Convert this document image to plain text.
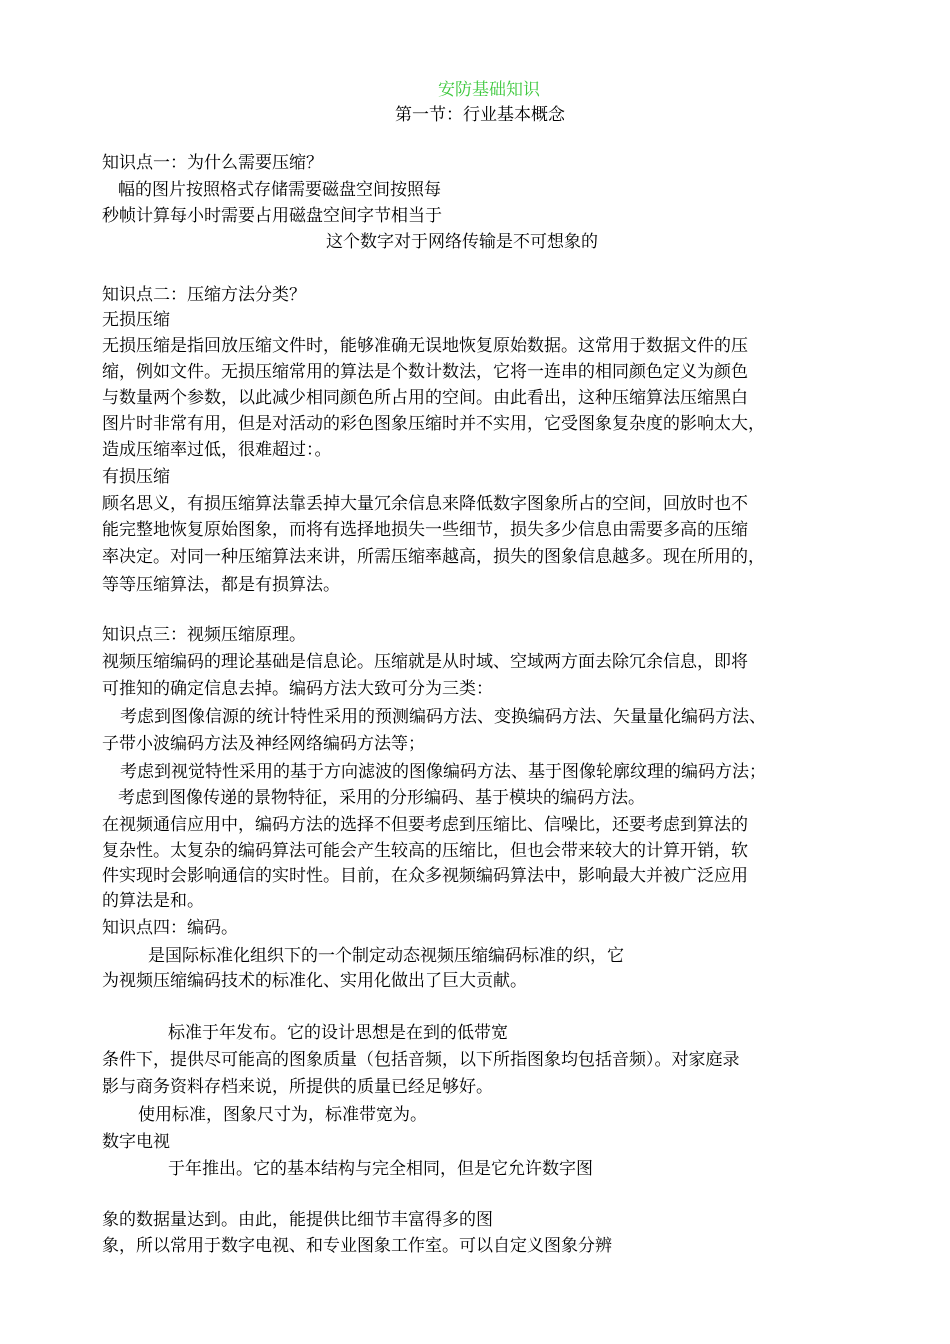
安防基础知识
第一节：行业基本概念
知识点一：为什么需要压缩？
幅的图片按照格式存储需要磁盘空间按照每
秒帧计算每小时需要占用磁盘空间字节相当于
这个数字对于网络传输是不可想象的
知识点二：压缩方法分类？
无损压缩
无损压缩是指回放压缩文件时，能够准确无误地恢复原始数据。这常用于数据文件的压
缩，例如文件。无损压缩常用的算法是个数计数法，它将一连串的相同颜色定义为颜色
与数量两个参数，以此减少相同颜色所占用的空间。由此看出，这种压缩算法压缩黑白
图片时非常有用，但是对活动的彩色图象压缩时并不实用，它受图象复杂度的影响太大，
造成压缩率过低，很难超过：。
有损压缩
顾名思义，有损压缩算法靠丢掉大量冗余信息来降低数字图象所占的空间，回放时也不
能完整地恢复原始图象，而将有选择地损失一些细节，损失多少信息由需要多高的压缩
率决定。对同一种压缩算法来讲，所需压缩率越高，损失的图象信息越多。现在所用的，
等等压缩算法，都是有损算法。
知识点三：视频压缩原理。
视频压缩编码的理论基础是信息论。压缩就是从时域、空域两方面去除冗余信息，即将
可推知的确定信息去掉。编码方法大致可分为三类：
考虑到图像信源的统计特性采用的预测编码方法、变换编码方法、矢量量化编码方法、
子带小波编码方法及神经网络编码方法等；
考虑到视觉特性采用的基于方向滤波的图像编码方法、基于图像轮廓纹理的编码方法；
考虑到图像传递的景物特征，采用的分形编码、基于模块的编码方法。
在视频通信应用中，编码方法的选择不但要考虑到压缩比、信噪比，还要考虑到算法的
复杂性。太复杂的编码算法可能会产生较高的压缩比，但也会带来较大的计算开销，软
件实现时会影响通信的实时性。目前，在众多视频编码算法中，影响最大并被广泛应用
的算法是和。
知识点四：编码。
是国际标准化组织下的一个制定动态视频压缩编码标准的织，它
为视频压缩编码技术的标准化、实用化做出了巨大贡献。
标准于年发布。它的设计思想是在到的低带宽
条件下，提供尽可能高的图象质量（包括音频，以下所指图象均包括音频）。对家庭录
影与商务资料存档来说，所提供的质量已经足够好。
使用标准，图象尺寸为，标准带宽为。
数字电视
于年推出。它的基本结构与完全相同，但是它允许数字图
象的数据量达到。由此，能提供比细节丰富得多的图
象，所以常用于数字电视、和专业图象工作室。可以自定义图象分辨
